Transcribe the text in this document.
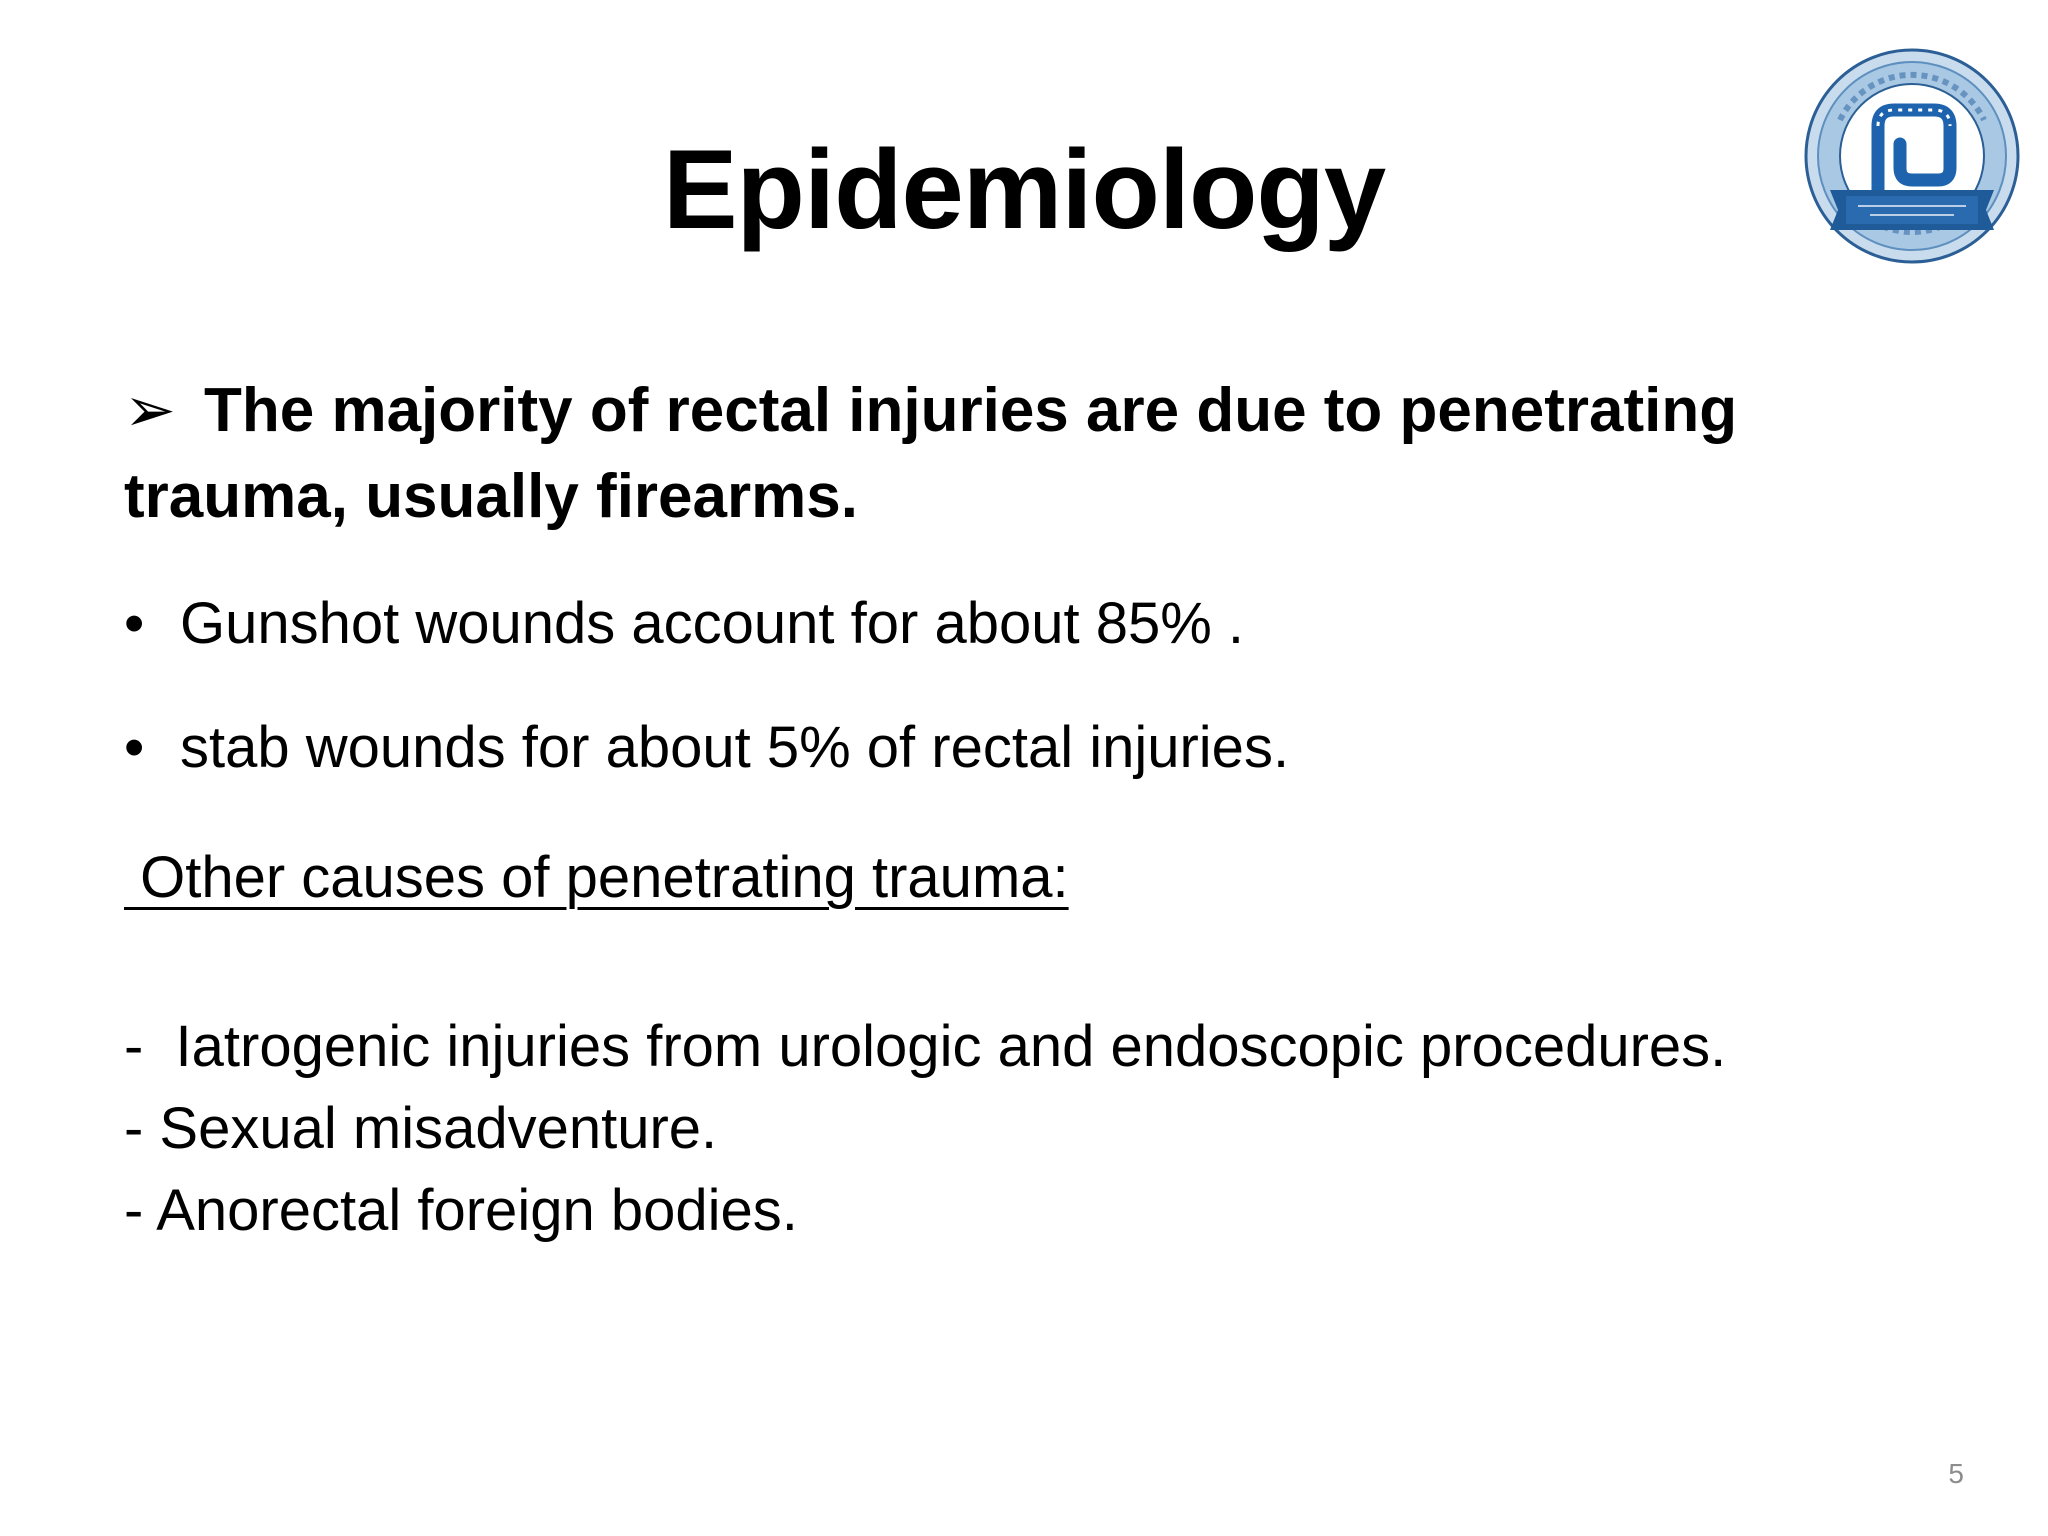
Epidemiology
➢ The majority of rectal injuries are due to penetrating trauma, usually firearms.
• Gunshot wounds account for about 85% .
• stab wounds for about 5% of rectal injuries.
Other causes of penetrating trauma:
-  Iatrogenic injuries from urologic and endoscopic procedures.
- Sexual misadventure.
- Anorectal foreign bodies.
5
